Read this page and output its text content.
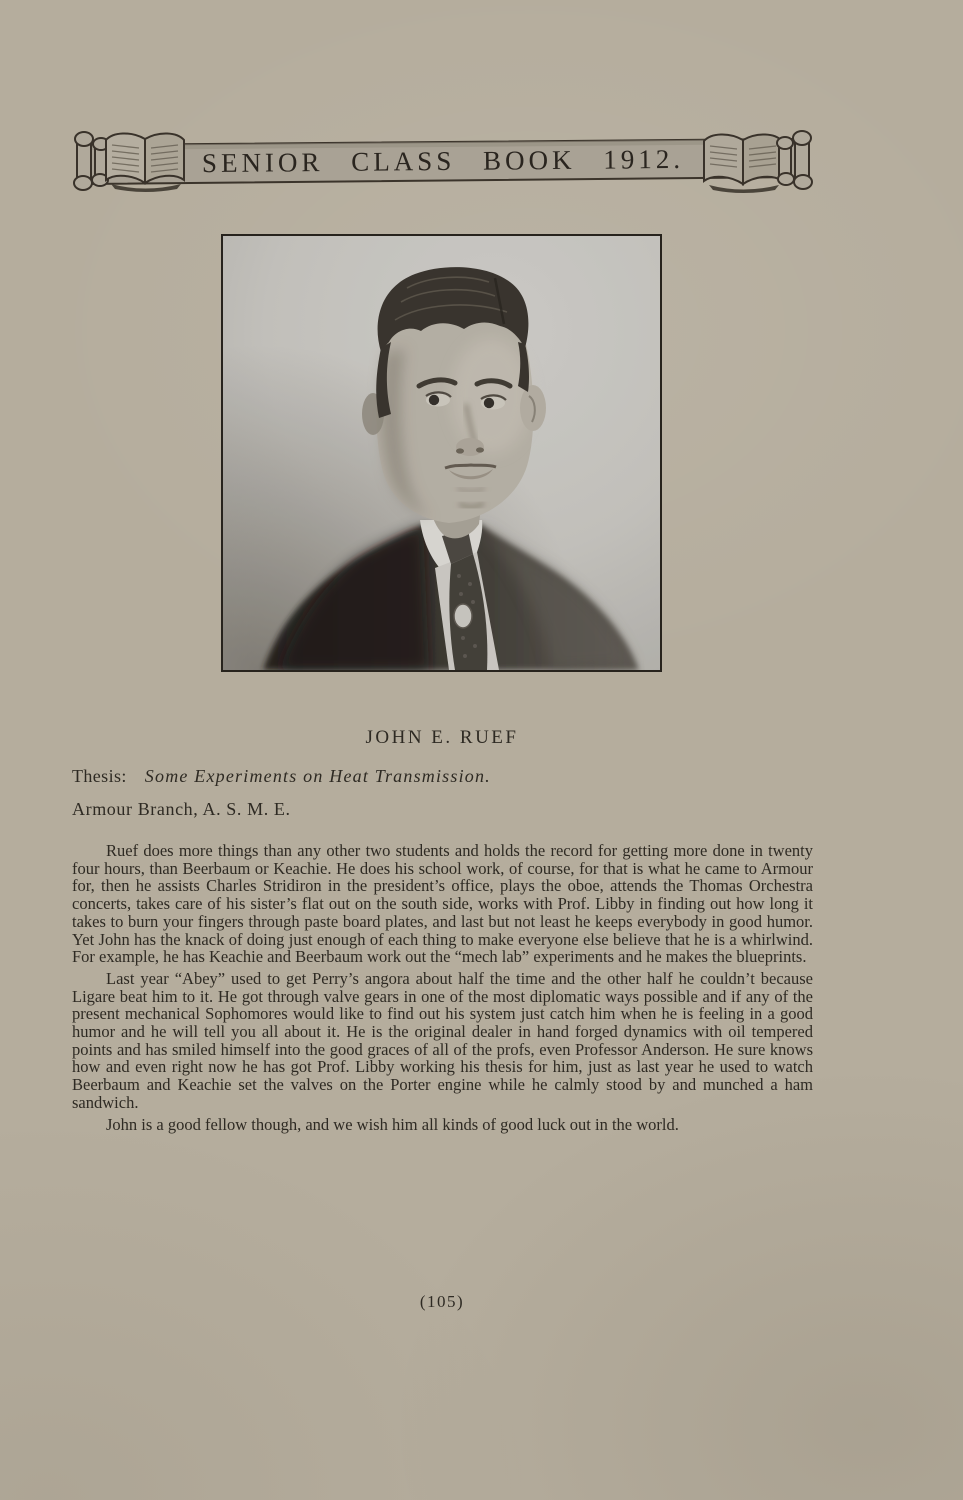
SENIOR CLASS BOOK 1912.
JOHN E. RUEF
Thesis: Some Experiments on Heat Transmission.
Armour Branch, A. S. M. E.

Ruef does more things than any other two students and holds the record for getting more done in twenty four hours, than Beerbaum or Keachie. He does his school work, of course, for that is what he came to Armour for, then he assists Charles Stridiron in the president’s office, plays the oboe, attends the Thomas Orchestra concerts, takes care of his sister’s flat out on the south side, works with Prof. Libby in finding out how long it takes to burn your fingers through paste board plates, and last but not least he keeps everybody in good humor. Yet John has the knack of doing just enough of each thing to make everyone else believe that he is a whirlwind. For example, he has Keachie and Beerbaum work out the “mech lab” experiments and he makes the blueprints.

Last year “Abey” used to get Perry’s angora about half the time and the other half he couldn’t because Ligare beat him to it. He got through valve gears in one of the most diplomatic ways possible and if any of the present mechanical Sophomores would like to find out his system just catch him when he is feeling in a good humor and he will tell you all about it. He is the original dealer in hand forged dynamics with oil tempered points and has smiled himself into the good graces of all of the profs, even Professor Anderson. He sure knows how and even right now he has got Prof. Libby working his thesis for him, just as last year he used to watch Beerbaum and Keachie set the valves on the Porter engine while he calmly stood by and munched a ham sandwich.

John is a good fellow though, and we wish him all kinds of good luck out in the world.

(105)
